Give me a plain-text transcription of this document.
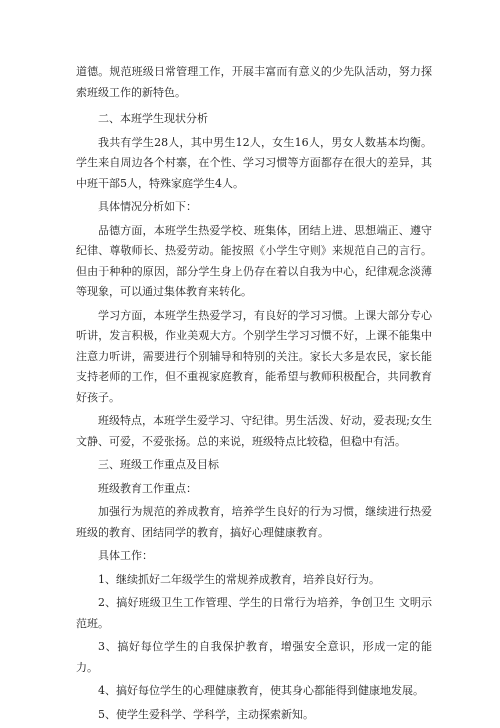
道德。规范班级日常管理工作，开展丰富而有意义的少先队活动，努力探索班级工作的新特色。

二、本班学生现状分析

我共有学生28人，其中男生12人，女生16人，男女人数基本均衡。学生来自周边各个村寨，在个性、学习习惯等方面都存在很大的差异，其中班干部5人，特殊家庭学生4人。

具体情况分析如下：

品德方面，本班学生热爱学校、班集体，团结上进、思想端正、遵守纪律、尊敬师长、热爱劳动。能按照《小学生守则》来规范自己的言行。但由于种种的原因，部分学生身上仍存在着以自我为中心，纪律观念淡薄等现象，可以通过集体教育来转化。

学习方面，本班学生热爱学习，有良好的学习习惯。上课大部分专心听讲，发言积极，作业美观大方。个别学生学习习惯不好，上课不能集中注意力听讲，需要进行个别辅导和特别的关注。家长大多是农民，家长能支持老师的工作，但不重视家庭教育，能希望与教师积极配合，共同教育好孩子。

班级特点，本班学生爱学习、守纪律。男生活泼、好动，爱表现;女生文静、可爱，不爱张扬。总的来说，班级特点比较稳，但稳中有活。

三、班级工作重点及目标

班级教育工作重点：

加强行为规范的养成教育，培养学生良好的行为习惯，继续进行热爱班级的教育、团结同学的教育，搞好心理健康教育。

具体工作：

1、继续抓好二年级学生的常规养成教育，培养良好行为。

2、搞好班级卫生工作管理、学生的日常行为培养，争创卫生 文明示范班。

3、搞好每位学生的自我保护教育，增强安全意识，形成一定的能力。

4、搞好每位学生的心理健康教育，使其身心都能得到健康地发展。

5、使学生爱科学、学科学，主动探索新知。
